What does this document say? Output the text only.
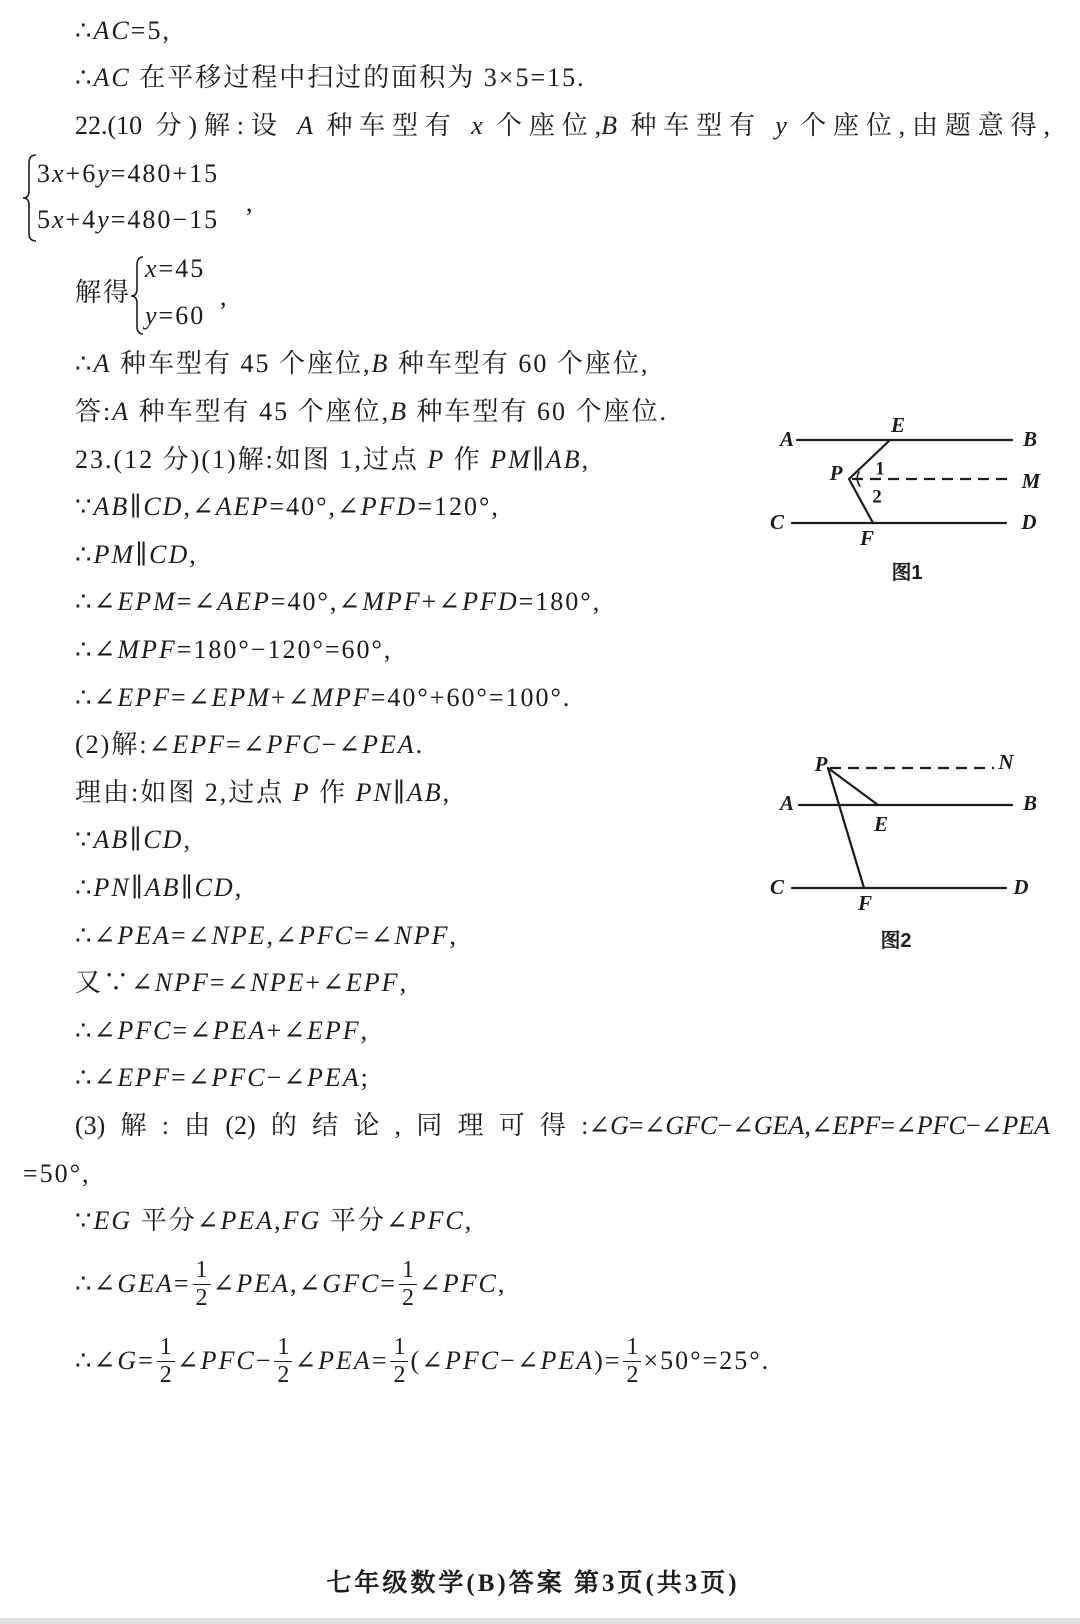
∴AC=5,
∴AC 在平移过程中扫过的面积为 3×5=15.
22.(10 分)解:设 A 种车型有 x 个座位,B 种车型有 y 个座位,由题意得,
3x+6y=480+15
5x+4y=480−15
,
解得
x=45
y=60
,
∴A 种车型有 45 个座位,B 种车型有 60 个座位,
答:A 种车型有 45 个座位,B 种车型有 60 个座位.
23.(12 分)(1)解:如图 1,过点 P 作 PM∥AB,
∵AB∥CD,∠AEP=40°,∠PFD=120°,
∴PM∥CD,
∴∠EPM=∠AEP=40°,∠MPF+∠PFD=180°,
∴∠MPF=180°−120°=60°,
∴∠EPF=∠EPM+∠MPF=40°+60°=100°.
(2)解:∠EPF=∠PFC−∠PEA.
理由:如图 2,过点 P 作 PN∥AB,
∵AB∥CD,
∴PN∥AB∥CD,
∴∠PEA=∠NPE,∠PFC=∠NPF,
又∵∠NPF=∠NPE+∠EPF,
∴∠PFC=∠PEA+∠EPF,
∴∠EPF=∠PFC−∠PEA;
(3)解:由(2)的结论,同理可得:∠G=∠GFC−∠GEA,∠EPF=∠PFC−∠PEA
=50°,
∵EG 平分∠PEA,FG 平分∠PFC,
∴∠GEA= $\frac{1}{2}$ ∠PEA,∠GFC= $\frac{1}{2}$ ∠PFC,
∴∠G= $\frac{1}{2}$ ∠PFC− $\frac{1}{2}$ ∠PEA= $\frac{1}{2}$ (∠PFC−∠PEA)= $\frac{1}{2} \times 50^\circ=25^\circ$.
A
E
B
P 1
2
M
C	D
F
图1
P	N
A	B
E
C	D
F
图2
七年级数学(B)答案 第3页(共3页)
